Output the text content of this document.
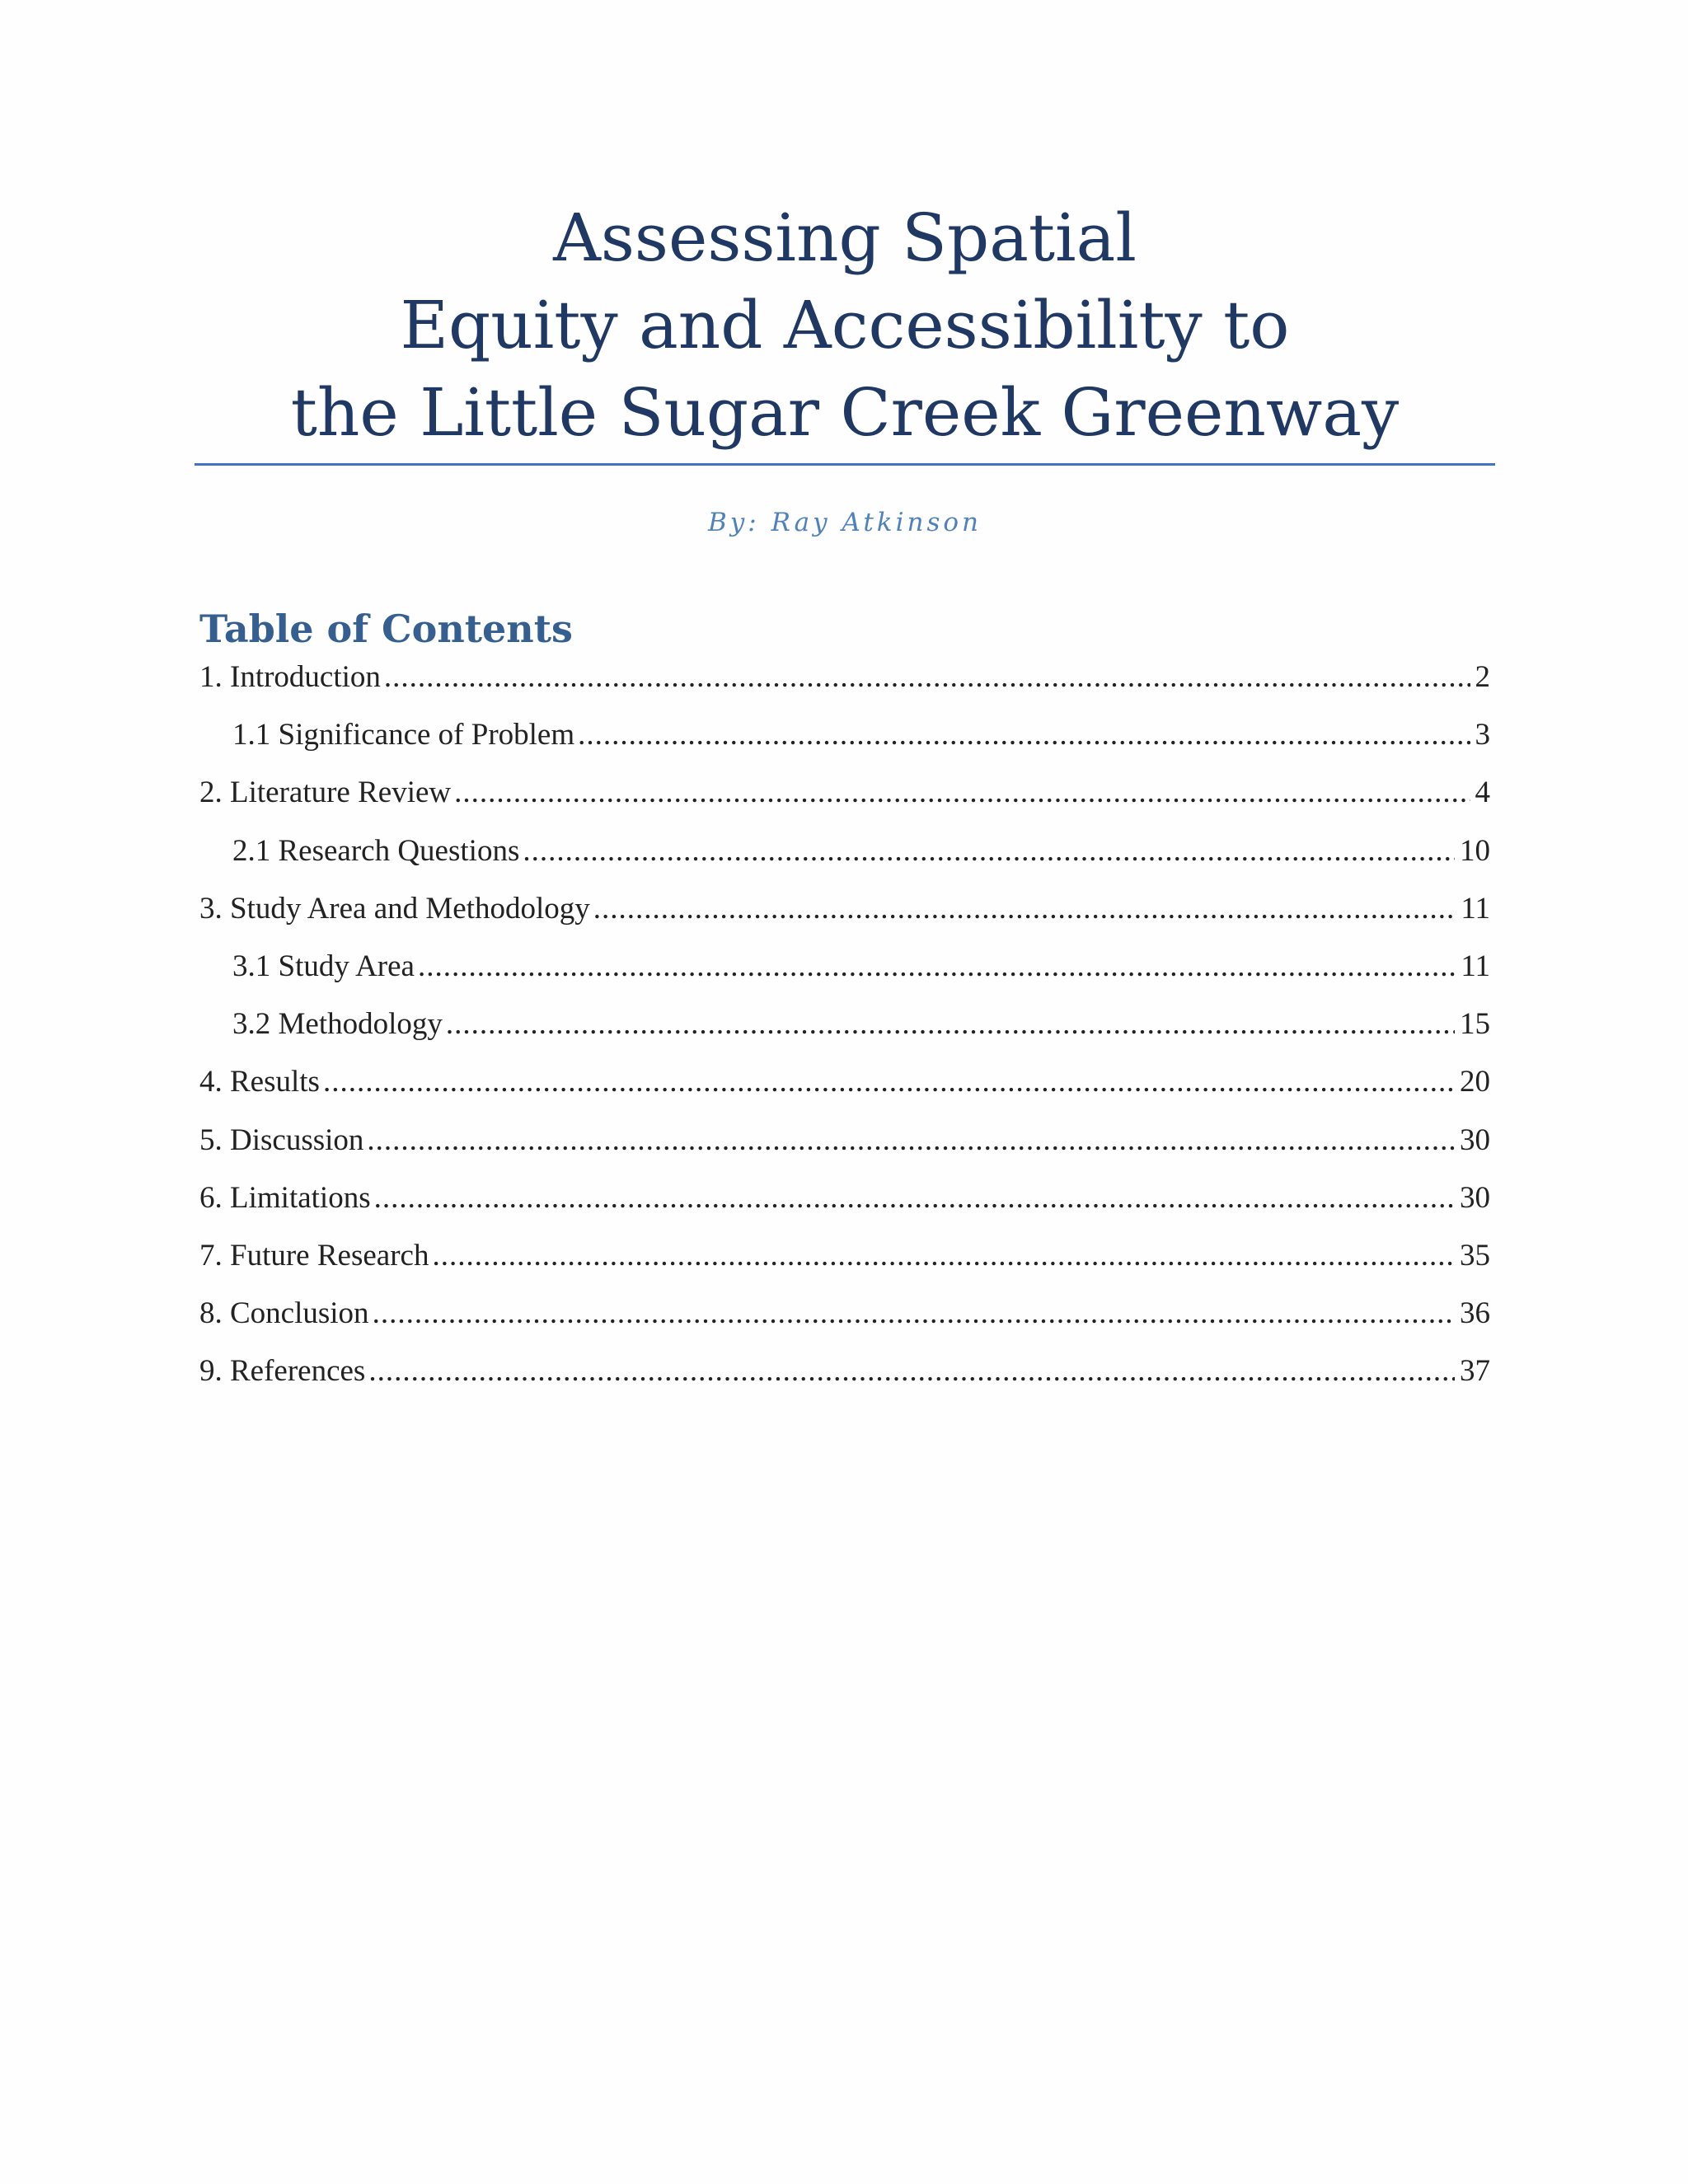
Assessing Spatial
Equity and Accessibility to
the Little Sugar Creek Greenway
By: Ray Atkinson
Table of Contents
1. Introduction .....	2
1.1 Significance of Problem .....	3
2. Literature Review .....	4
2.1 Research Questions .....	10
3. Study Area and Methodology .....	11
3.1 Study Area .....	11
3.2 Methodology .....	15
4. Results .....	20
5. Discussion .....	30
6. Limitations .....	30
7. Future Research .....	35
8. Conclusion .....	36
9. References .....	37
